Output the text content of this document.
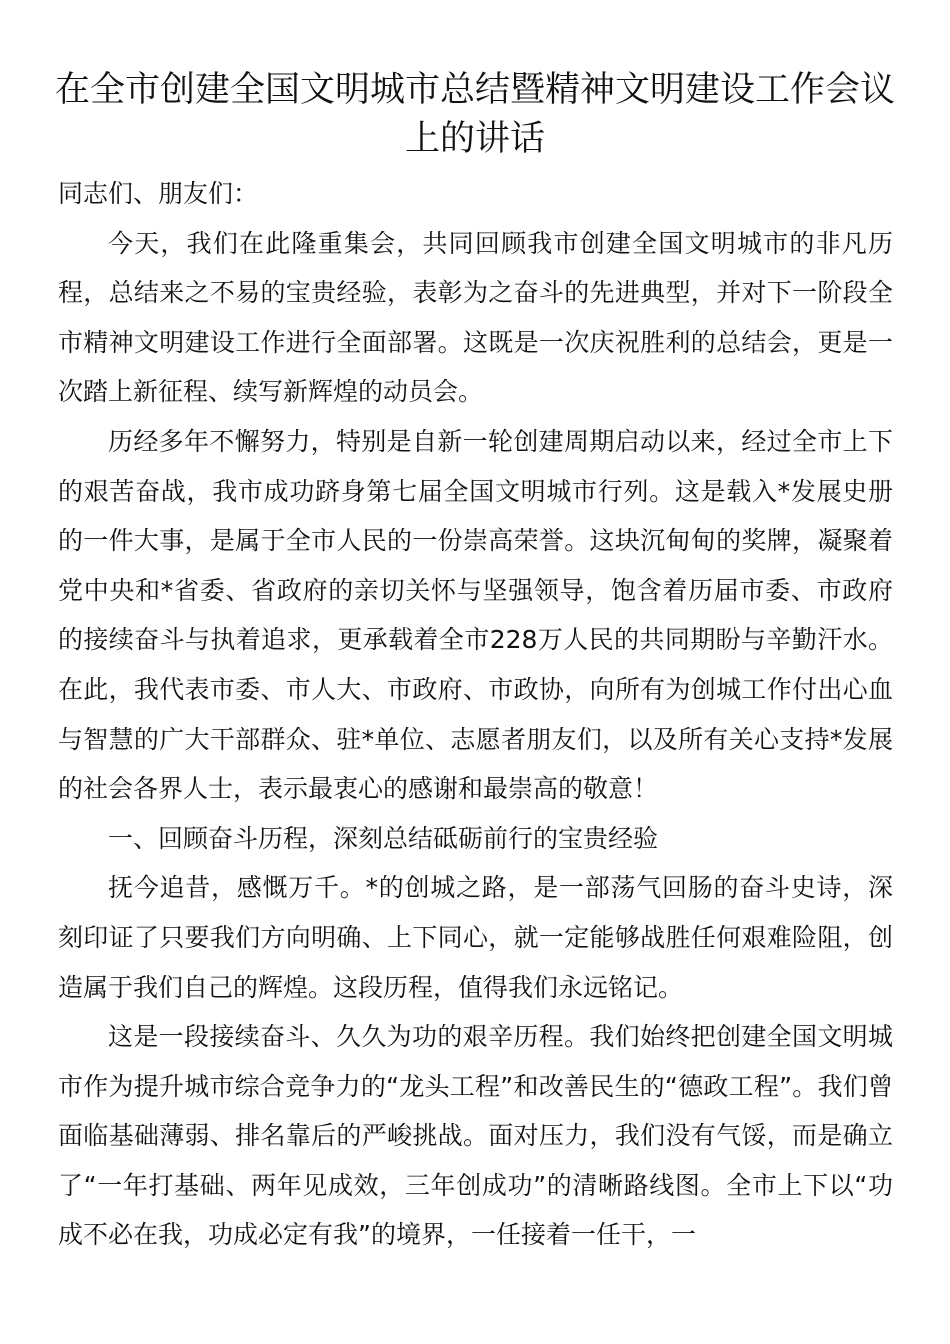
在全市创建全国文明城市总结暨精神文明建设工作会议上的讲话

同志们、朋友们：

今天，我们在此隆重集会，共同回顾我市创建全国文明城市的非凡历程，总结来之不易的宝贵经验，表彰为之奋斗的先进典型，并对下一阶段全市精神文明建设工作进行全面部署。这既是一次庆祝胜利的总结会，更是一次踏上新征程、续写新辉煌的动员会。

历经多年不懈努力，特别是自新一轮创建周期启动以来，经过全市上下的艰苦奋战，我市成功跻身第七届全国文明城市行列。这是载入*发展史册的一件大事，是属于全市人民的一份崇高荣誉。这块沉甸甸的奖牌，凝聚着党中央和*省委、省政府的亲切关怀与坚强领导，饱含着历届市委、市政府的接续奋斗与执着追求，更承载着全市228万人民的共同期盼与辛勤汗水。在此，我代表市委、市人大、市政府、市政协，向所有为创城工作付出心血与智慧的广大干部群众、驻*单位、志愿者朋友们，以及所有关心支持*发展的社会各界人士，表示最衷心的感谢和最崇高的敬意！

一、回顾奋斗历程，深刻总结砥砺前行的宝贵经验

抚今追昔，感慨万千。*的创城之路，是一部荡气回肠的奋斗史诗，深刻印证了只要我们方向明确、上下同心，就一定能够战胜任何艰难险阻，创造属于我们自己的辉煌。这段历程，值得我们永远铭记。

这是一段接续奋斗、久久为功的艰辛历程。我们始终把创建全国文明城市作为提升城市综合竞争力的“龙头工程”和改善民生的“德政工程”。我们曾面临基础薄弱、排名靠后的严峻挑战。面对压力，我们没有气馁，而是确立了“一年打基础、两年见成效，三年创成功”的清晰路线图。全市上下以“功成不必在我，功成必定有我”的境界，一任接着一任干，一
